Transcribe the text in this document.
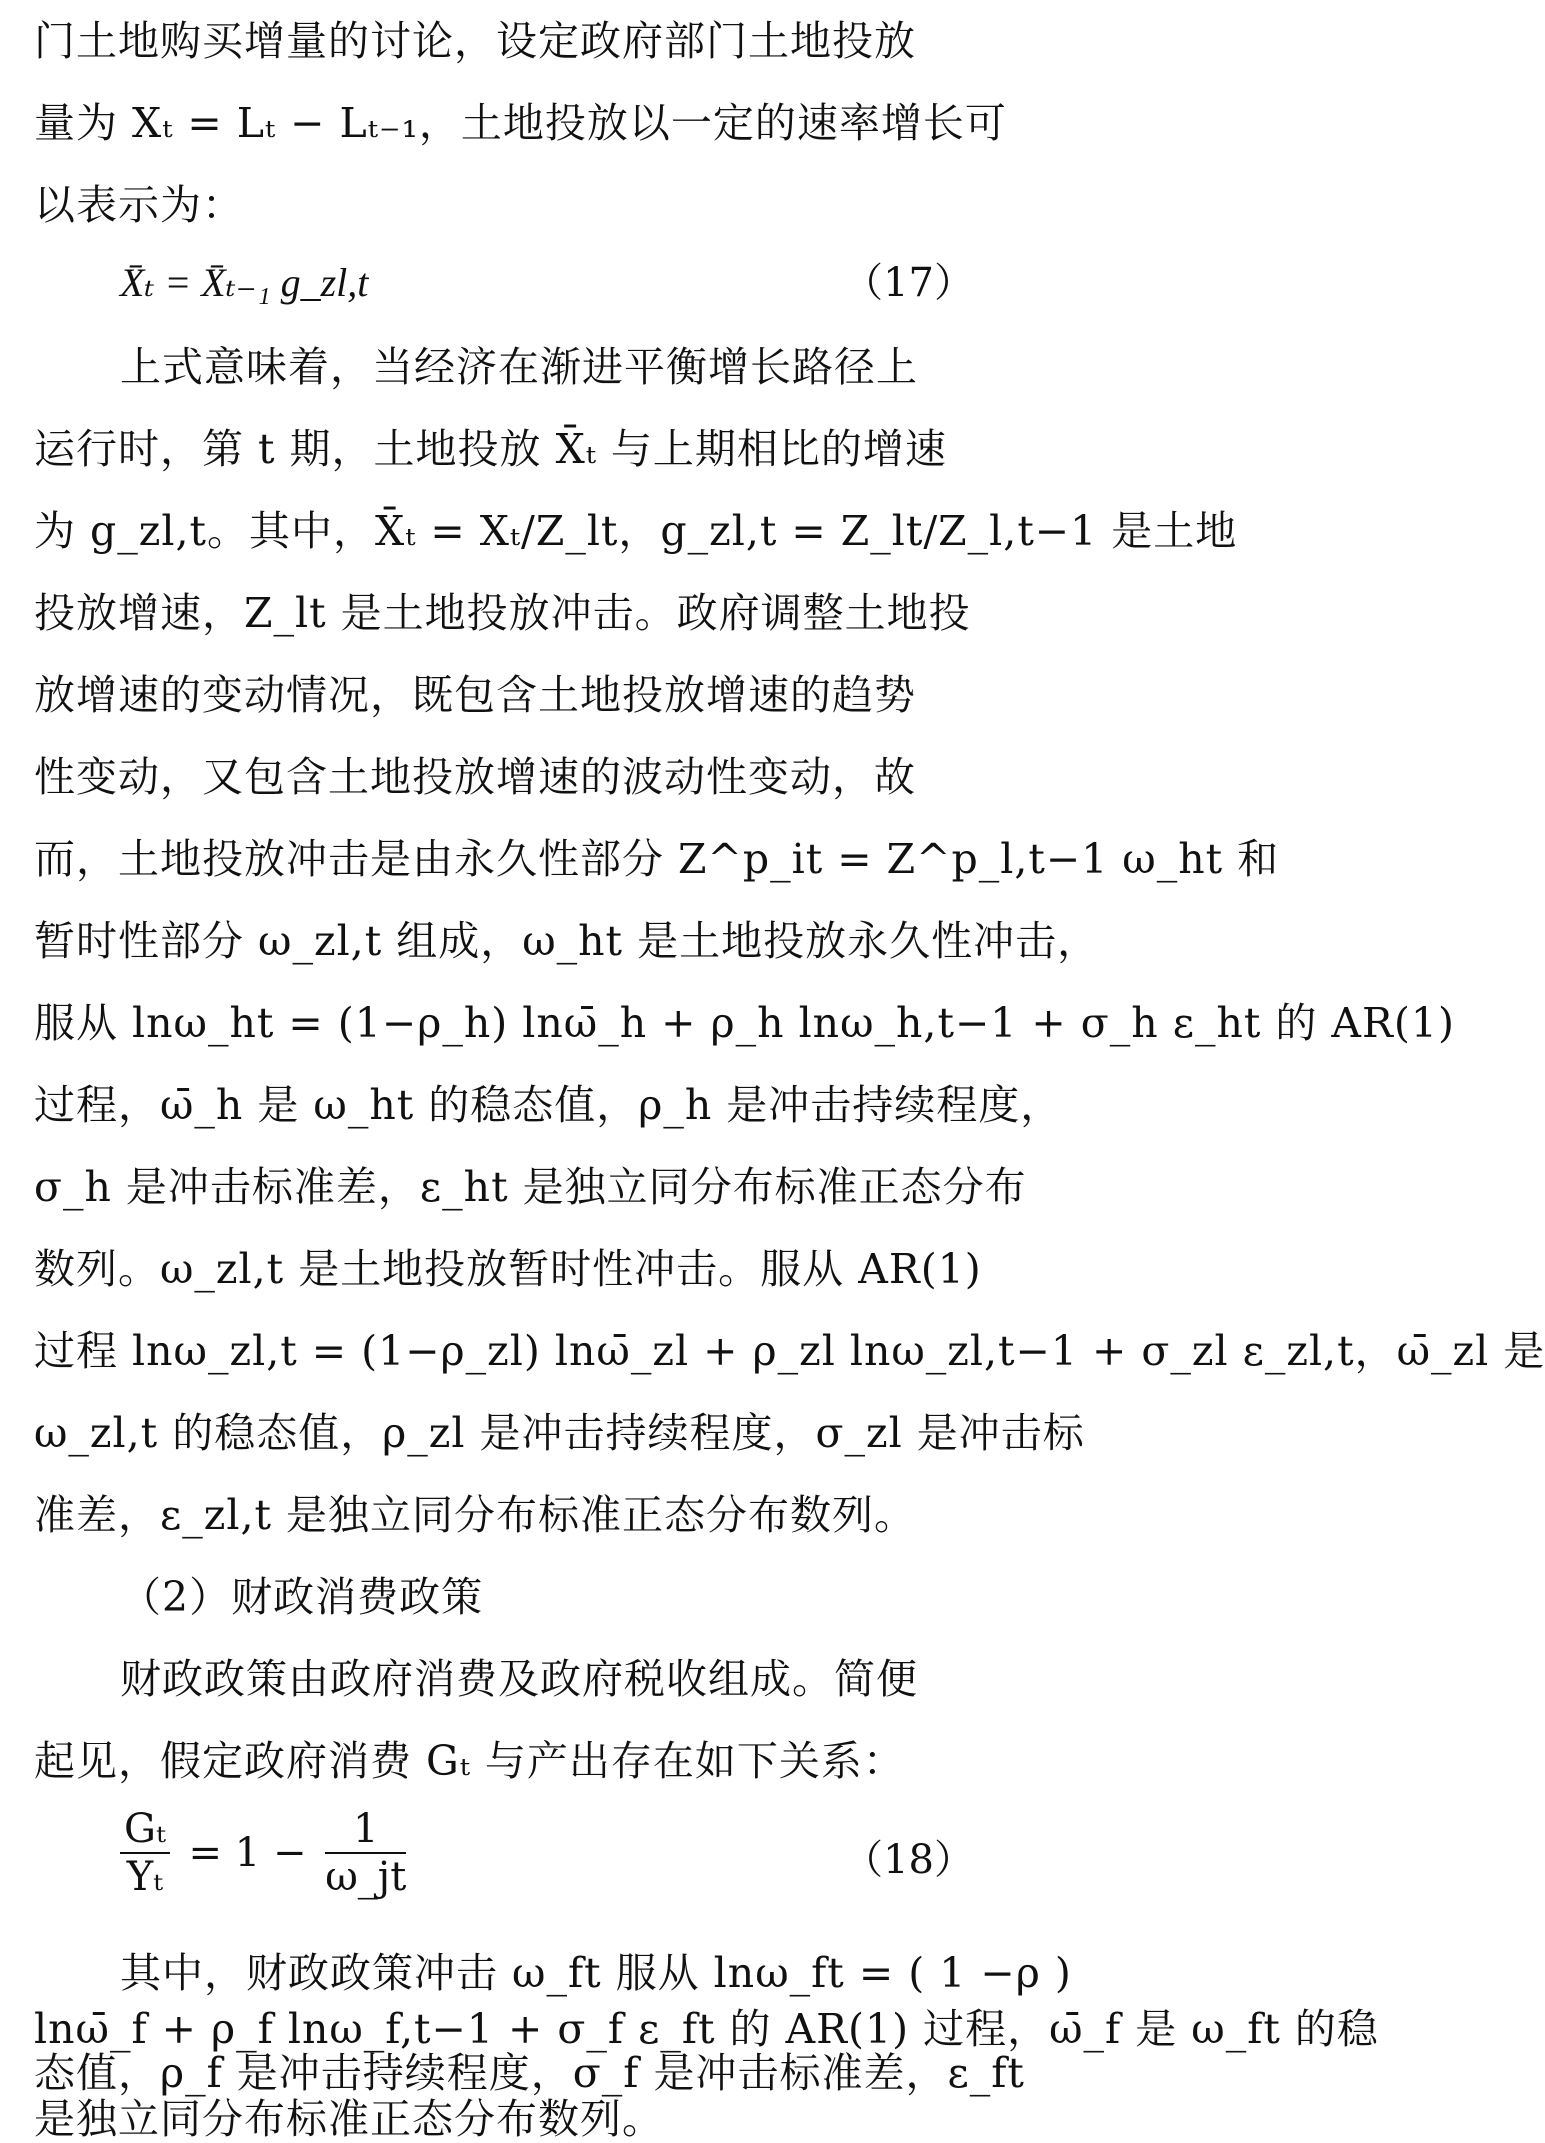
门土地购买增量的讨论，设定政府部门土地投放
量为 Xₜ = Lₜ − Lₜ₋₁，土地投放以一定的速率增长可
以表示为：
X̄ₜ = X̄ₜ₋₁ g_zl,t	（17）
上式意味着，当经济在渐进平衡增长路径上
运行时，第 t 期，土地投放 X̄ₜ 与上期相比的增速
为 g_zl,t。其中，X̄ₜ = Xₜ/Z_lt，g_zl,t = Z_lt/Z_l,t−1 是土地
投放增速，Z_lt 是土地投放冲击。政府调整土地投
放增速的变动情况，既包含土地投放增速的趋势
性变动，又包含土地投放增速的波动性变动，故
而，土地投放冲击是由永久性部分 Z^p_it = Z^p_l,t−1 ω_ht 和
暂时性部分 ω_zl,t 组成，ω_ht 是土地投放永久性冲击，
服从 lnω_ht = (1−ρ_h) lnω̄_h + ρ_h lnω_h,t−1 + σ_h ε_ht 的 AR(1)
过程，ω̄_h 是 ω_ht 的稳态值，ρ_h 是冲击持续程度，
σ_h 是冲击标准差，ε_ht 是独立同分布标准正态分布
数列。ω_zl,t 是土地投放暂时性冲击。服从 AR(1)
过程 lnω_zl,t = (1−ρ_zl) lnω̄_zl + ρ_zl lnω_zl,t−1 + σ_zl ε_zl,t，ω̄_zl 是
ω_zl,t 的稳态值，ρ_zl 是冲击持续程度，σ_zl 是冲击标
准差，ε_zl,t 是独立同分布标准正态分布数列。
（2）财政消费政策
财政政策由政府消费及政府税收组成。简便
起见，假定政府消费 Gₜ 与产出存在如下关系：
$\frac{\text{Gₜ}}{\text{Yₜ}} = 1 - \frac{1}{\omega\_jt}$	（18）
其中，财政政策冲击 ω_ft 服从 lnω_ft = ( 1 −ρ )
lnω̄_f + ρ_f lnω_f,t−1 + σ_f ε_ft 的 AR(1) 过程，ω̄_f 是 ω_ft 的稳
态值，ρ_f 是冲击持续程度，σ_f 是冲击标准差，ε_ft
是独立同分布标准正态分布数列。
